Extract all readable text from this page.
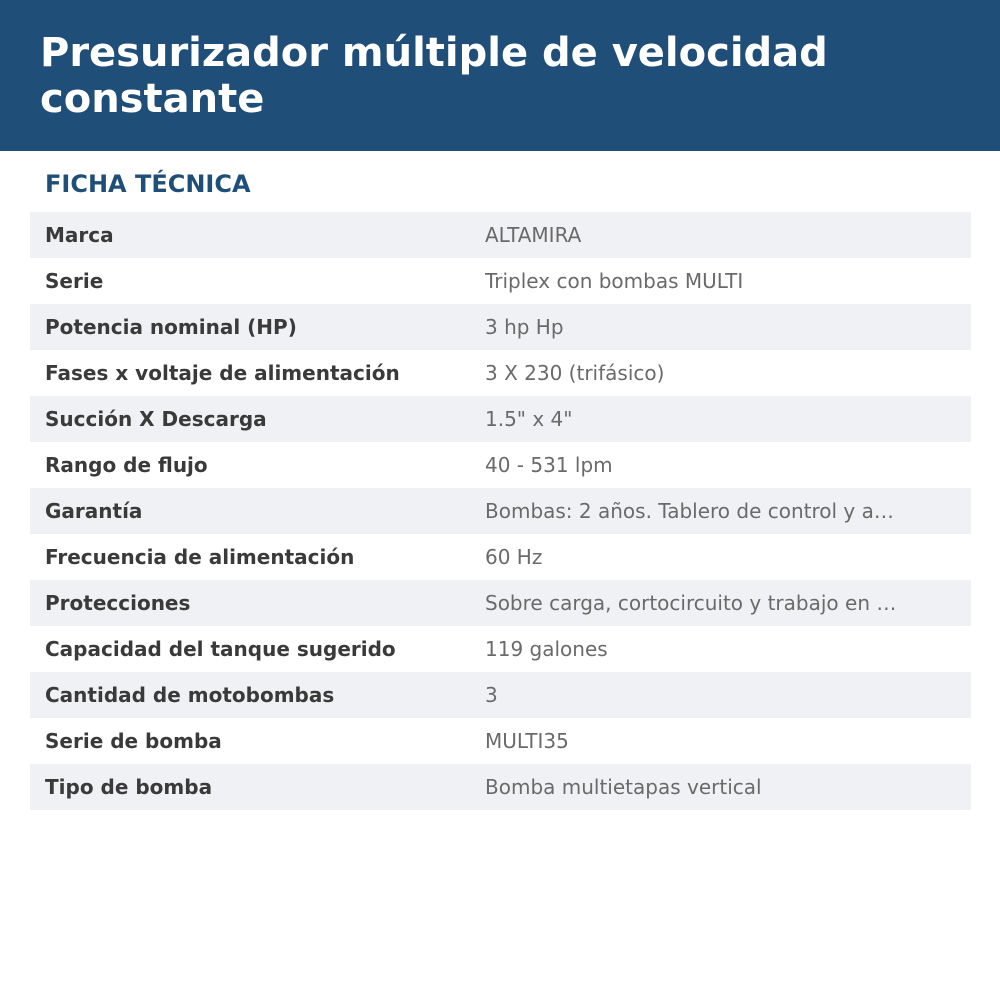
Presurizador múltiple de velocidad constante
FICHA TÉCNICA
Marca	ALTAMIRA
Serie	Triplex con bombas MULTI
Potencia nominal (HP)	3 hp Hp
Fases x voltaje de alimentación	3 X 230 (trifásico)
Succión X Descarga	1.5" x 4"
Rango de flujo	40 - 531 lpm
Garantía	Bombas: 2 años. Tablero de control y a…
Frecuencia de alimentación	60 Hz
Protecciones	Sobre carga, cortocircuito y trabajo en …
Capacidad del tanque sugerido	119 galones
Cantidad de motobombas	3
Serie de bomba	MULTI35
Tipo de bomba	Bomba multietapas vertical
